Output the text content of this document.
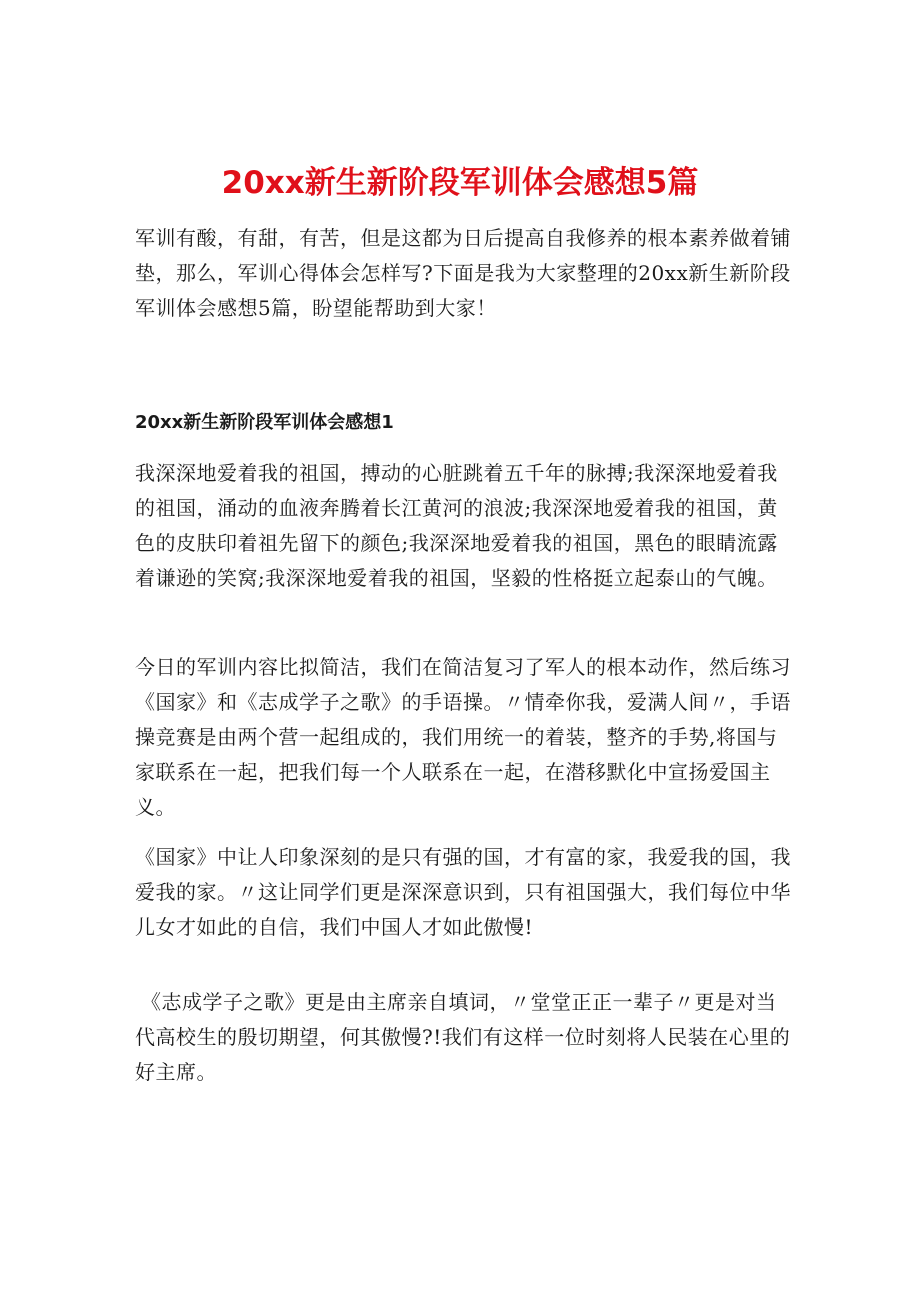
20xx新生新阶段军训体会感想5篇

军训有酸，有甜，有苦，但是这都为日后提高自我修养的根本素养做着铺垫，那么，军训心得体会怎样写?下面是我为大家整理的20xx新生新阶段军训体会感想5篇，盼望能帮助到大家！

20xx新生新阶段军训体会感想1

我深深地爱着我的祖国，搏动的心脏跳着五千年的脉搏;我深深地爱着我的祖国，涌动的血液奔腾着长江黄河的浪波;我深深地爱着我的祖国，黄色的皮肤印着祖先留下的颜色;我深深地爱着我的祖国，黑色的眼睛流露着谦逊的笑窝;我深深地爱着我的祖国，坚毅的性格挺立起泰山的气魄。

今日的军训内容比拟简洁，我们在简洁复习了军人的根本动作，然后练习《国家》和《志成学子之歌》的手语操。〃情牵你我，爱满人间〃，手语操竞赛是由两个营一起组成的，我们用统一的着装，整齐的手势,将国与家联系在一起，把我们每一个人联系在一起，在潜移默化中宣扬爱国主义。

《国家》中让人印象深刻的是只有强的国，才有富的家，我爱我的国，我爱我的家。〃这让同学们更是深深意识到，只有祖国强大，我们每位中华儿女才如此的自信，我们中国人才如此傲慢!

《志成学子之歌》更是由主席亲自填词，〃堂堂正正一辈子〃更是对当代高校生的殷切期望，何其傲慢?!我们有这样一位时刻将人民装在心里的好主席。
